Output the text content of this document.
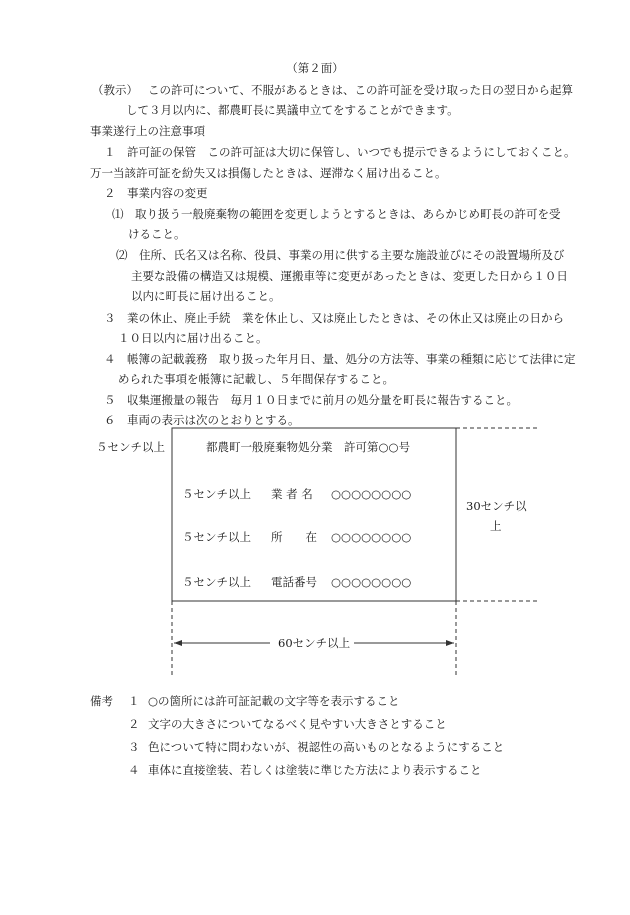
（第２面）
（教示） この許可について、不服があるときは、この許可証を受け取った日の翌日から起算
して３月以内に、都農町長に異議申立てをすることができます。
事業遂行上の注意事項
１　許可証の保管　この許可証は大切に保管し、いつでも提示できるようにしておくこと。
万一当該許可証を紛失又は損傷したときは、遅滞なく届け出ること。
２　事業内容の変更
⑴　取り扱う一般廃棄物の範囲を変更しようとするときは、あらかじめ町長の許可を受
けること。
⑵　住所、氏名又は名称、役員、事業の用に供する主要な施設並びにその設置場所及び
主要な設備の構造又は規模、運搬車等に変更があったときは、変更した日から１０日
以内に町長に届け出ること。
３　業の休止、廃止手続　業を休止し、又は廃止したときは、その休止又は廃止の日から
１０日以内に届け出ること。
４　帳簿の記載義務　取り扱った年月日、量、処分の方法等、事業の種類に応じて法律に定
められた事項を帳簿に記載し、５年間保存すること。
５　収集運搬量の報告　毎月１０日までに前月の処分量を町長に報告すること。
６　車両の表示は次のとおりとする。
５センチ以上	都農町一般廃棄物処分業　許可第○○号
５センチ以上 業 者 名 ○○○○○○○○
５センチ以上 所　　在 ○○○○○○○○
５センチ以上 電話番号 ○○○○○○○○
30センチ以
上
60センチ以上
備考 １ ○の箇所には許可証記載の文字等を表示すること
２ 文字の大きさについてなるべく見やすい大きさとすること
３ 色について特に問わないが、視認性の高いものとなるようにすること
４ 車体に直接塗装、若しくは塗装に準じた方法により表示すること
